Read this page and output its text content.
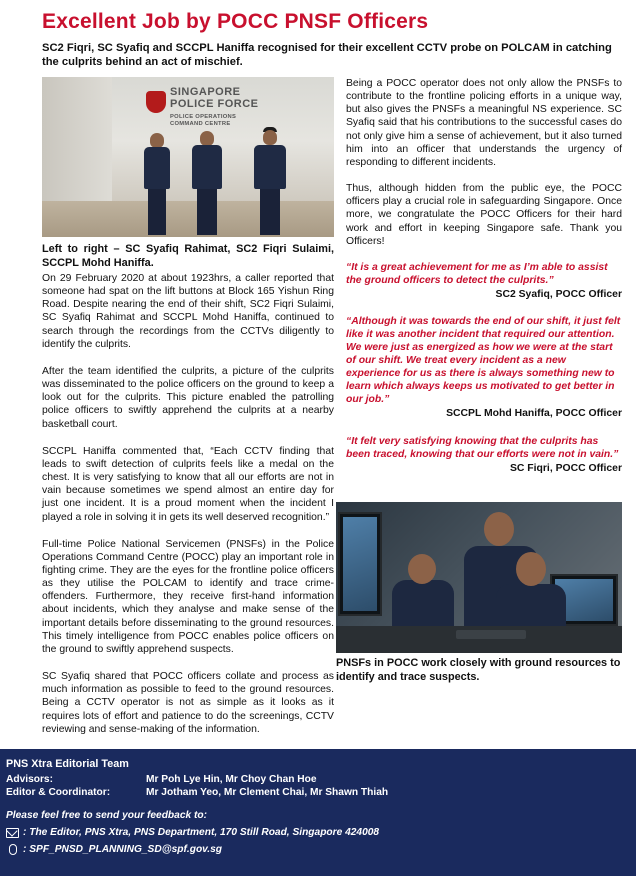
Excellent Job by POCC PNSF Officers
SC2 Fiqri, SC Syafiq and SCCPL Haniffa recognised for their excellent CCTV probe on POLCAM in catching the culprits behind an act of mischief.
SINGAPORE
POLICE FORCE
POLICE OPERATIONS
COMMAND CENTRE
Left to right – SC Syafiq Rahimat, SC2 Fiqri Sulaimi, SCCPL Mohd Haniffa.

On 29 February 2020 at about 1923hrs, a caller reported that someone had spat on the lift buttons at Block 165 Yishun Ring Road. Despite nearing the end of their shift, SC2 Fiqri Sulaimi, SC Syafiq Rahimat and SCCPL Mohd Haniffa, continued to search through the recordings from the CCTVs diligently to identify the culprits.

After the team identified the culprits, a picture of the culprits was disseminated to the police officers on the ground to keep a look out for the culprits. This picture enabled the patrolling police officers to swiftly apprehend the culprits at a nearby basketball court.

SCCPL Haniffa commented that, “Each CCTV finding that leads to swift detection of culprits feels like a medal on the chest. It is very satisfying to know that all our efforts are not in vain because sometimes we spend almost an entire day for just one incident. It is a proud moment when the incident I played a role in solving it in gets its well deserved recognition.”

Full-time Police National Servicemen (PNSFs) in the Police Operations Command Centre (POCC) play an important role in fighting crime. They are the eyes for the frontline police officers as they utilise the POLCAM to identify and trace crime-offenders. Furthermore, they receive first-hand information about incidents, which they analyse and make sense of the important details before disseminating to the ground resources. This timely intelligence from POCC enables police officers on the ground to swiftly apprehend suspects.

SC Syafiq shared that POCC officers collate and process as much information as possible to feed to the ground resources. Being a CCTV operator is not as simple as it looks as it requires lots of effort and patience to do the screenings, CCTV reviewing and sense-making of the information.

Being a POCC operator does not only allow the PNSFs to contribute to the frontline policing efforts in a unique way, but also gives the PNSFs a meaningful NS experience. SC Syafiq said that his contributions to the successful cases do not only give him a sense of achievement, but it also turned him into an officer that understands the urgency of responding to different incidents.

Thus, although hidden from the public eye, the POCC officers play a crucial role in safeguarding Singapore. Once more, we congratulate the POCC Officers for their hard work and effort in keeping Singapore safe. Thank you Officers!

“It is a great achievement for me as I’m able to assist the ground officers to detect the culprits.”
SC2 Syafiq, POCC Officer
“Although it was towards the end of our shift, it just felt like it was another incident that required our attention. We were just as energized as how we were at the start of our shift. We treat every incident as a new experience for us as there is always something new to learn which always keeps us motivated to get better in our job.”
SCCPL Mohd Haniffa, POCC Officer
“It felt very satisfying knowing that the culprits has been traced, knowing that our efforts were not in vain.”
SC Fiqri, POCC Officer
PNSFs in POCC work closely with ground resources to identify and trace suspects.
PNS Xtra Editorial Team
Advisors:	Mr Poh Lye Hin, Mr Choy Chan Hoe
Editor & Coordinator:	Mr Jotham Yeo, Mr Clement Chai, Mr Shawn Thiah
Please feel free to send your feedback to:
: The Editor, PNS Xtra, PNS Department, 170 Still Road, Singapore 424008
: SPF_PNSD_PLANNING_SD@spf.gov.sg
